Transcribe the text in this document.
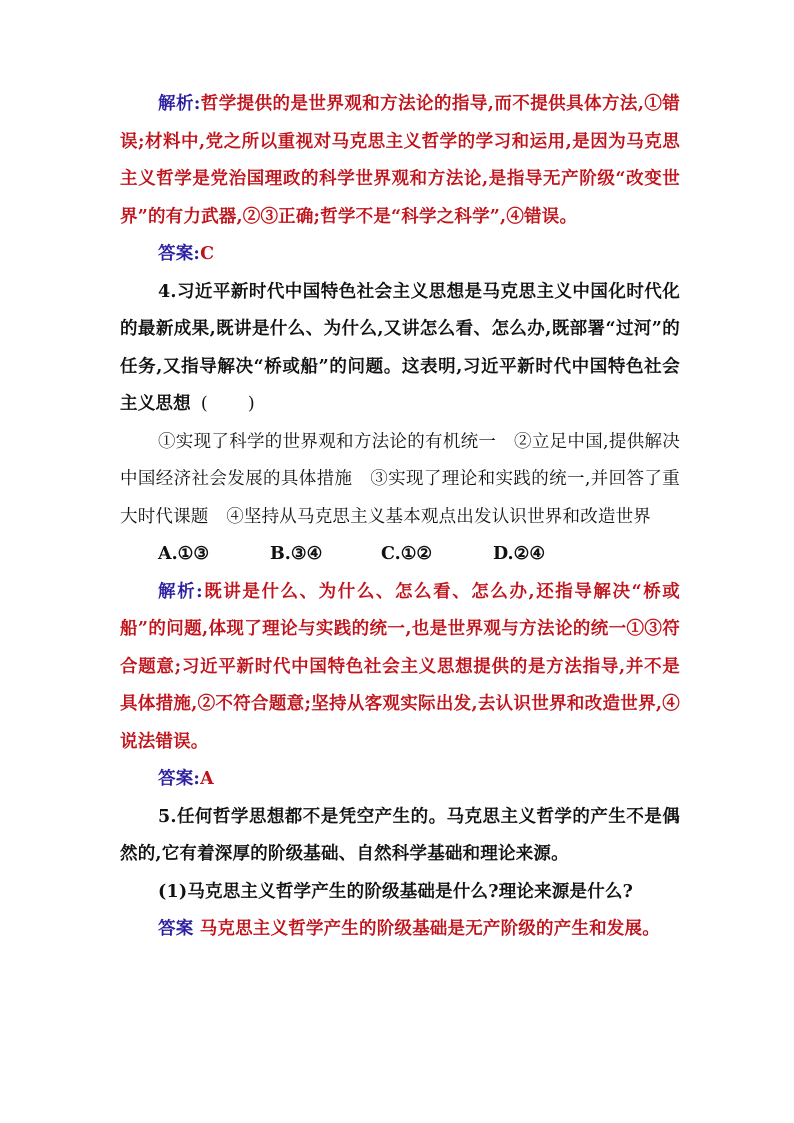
解析:哲学提供的是世界观和方法论的指导,而不提供具体方法,①错误;材料中,党之所以重视对马克思主义哲学的学习和运用,是因为马克思主义哲学是党治国理政的科学世界观和方法论,是指导无产阶级“改变世界”的有力武器,②③正确;哲学不是“科学之科学”,④错误。

答案:C

4.习近平新时代中国特色社会主义思想是马克思主义中国化时代化的最新成果,既讲是什么、为什么,又讲怎么看、怎么办,既部署“过河”的任务,又指导解决“桥或船”的问题。这表明,习近平新时代中国特色社会主义思想 ( )

①实现了科学的世界观和方法论的有机统一　②立足中国,提供解决中国经济社会发展的具体措施　③实现了理论和实践的统一,并回答了重大时代课题　④坚持从马克思主义基本观点出发认识世界和改造世界

A.①③	B.③④	C.①②	D.②④

解析:既讲是什么、为什么、怎么看、怎么办,还指导解决“桥或船”的问题,体现了理论与实践的统一,也是世界观与方法论的统一①③符合题意;习近平新时代中国特色社会主义思想提供的是方法指导,并不是具体措施,②不符合题意;坚持从客观实际出发,去认识世界和改造世界,④说法错误。

答案:A

5.任何哲学思想都不是凭空产生的。马克思主义哲学的产生不是偶然的,它有着深厚的阶级基础、自然科学基础和理论来源。

(1)马克思主义哲学产生的阶级基础是什么?理论来源是什么?

答案 马克思主义哲学产生的阶级基础是无产阶级的产生和发展。
